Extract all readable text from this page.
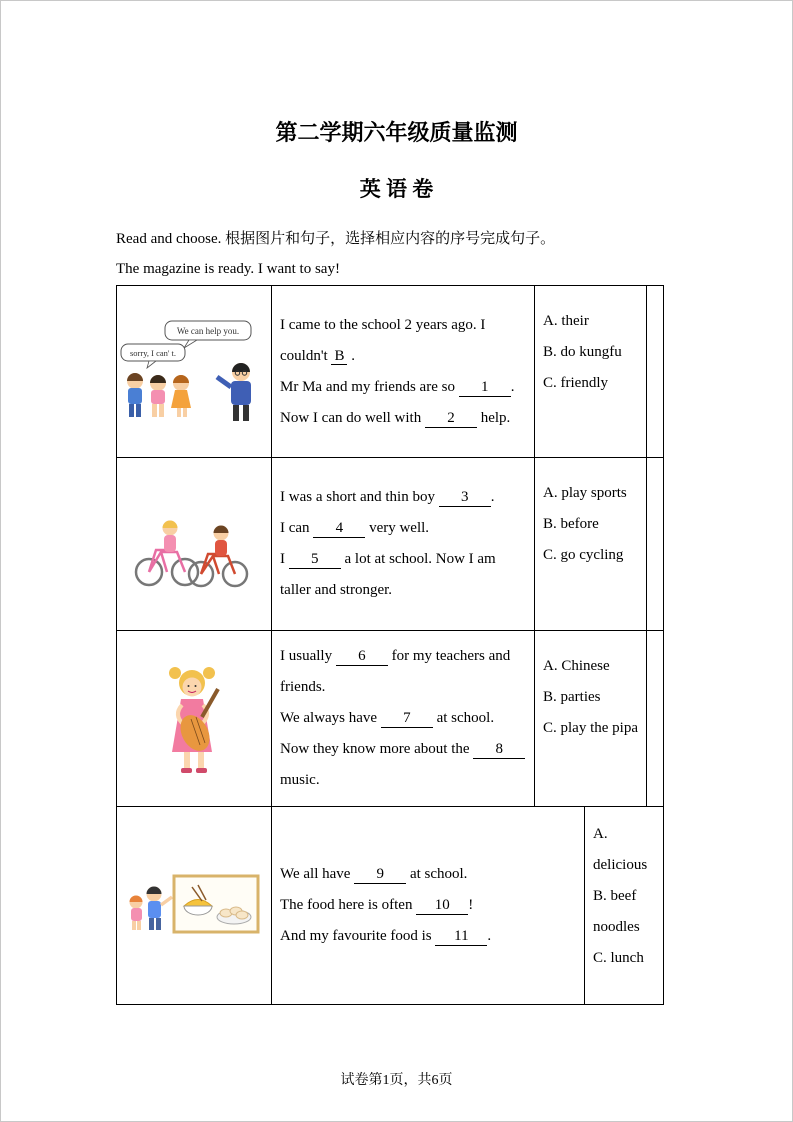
第二学期六年级质量监测
英 语 卷
Read and choose. 根据图片和句子，选择相应内容的序号完成句子。
The magazine is ready. I want to say!
We can help you.
sorry, I can' t.
I came to the school 2 years ago. I couldn't B .
Mr Ma and my friends are so 1 .
Now I can do well with 2 help.
A. their
B. do kungfu
C. friendly
I was a short and thin boy 3 .
I can 4 very well.
I 5 a lot at school. Now I am taller and stronger.
A. play sports
B. before
C. go cycling
I usually 6 for my teachers and friends.
We always have 7 at school.
Now they know more about the 8 music.
A. Chinese
B. parties
C. play the pipa
We all have 9 at school.
The food here is often 10 !
And my favourite food is 11 .
A. delicious
B. beef noodles
C. lunch
试卷第1页，共6页
